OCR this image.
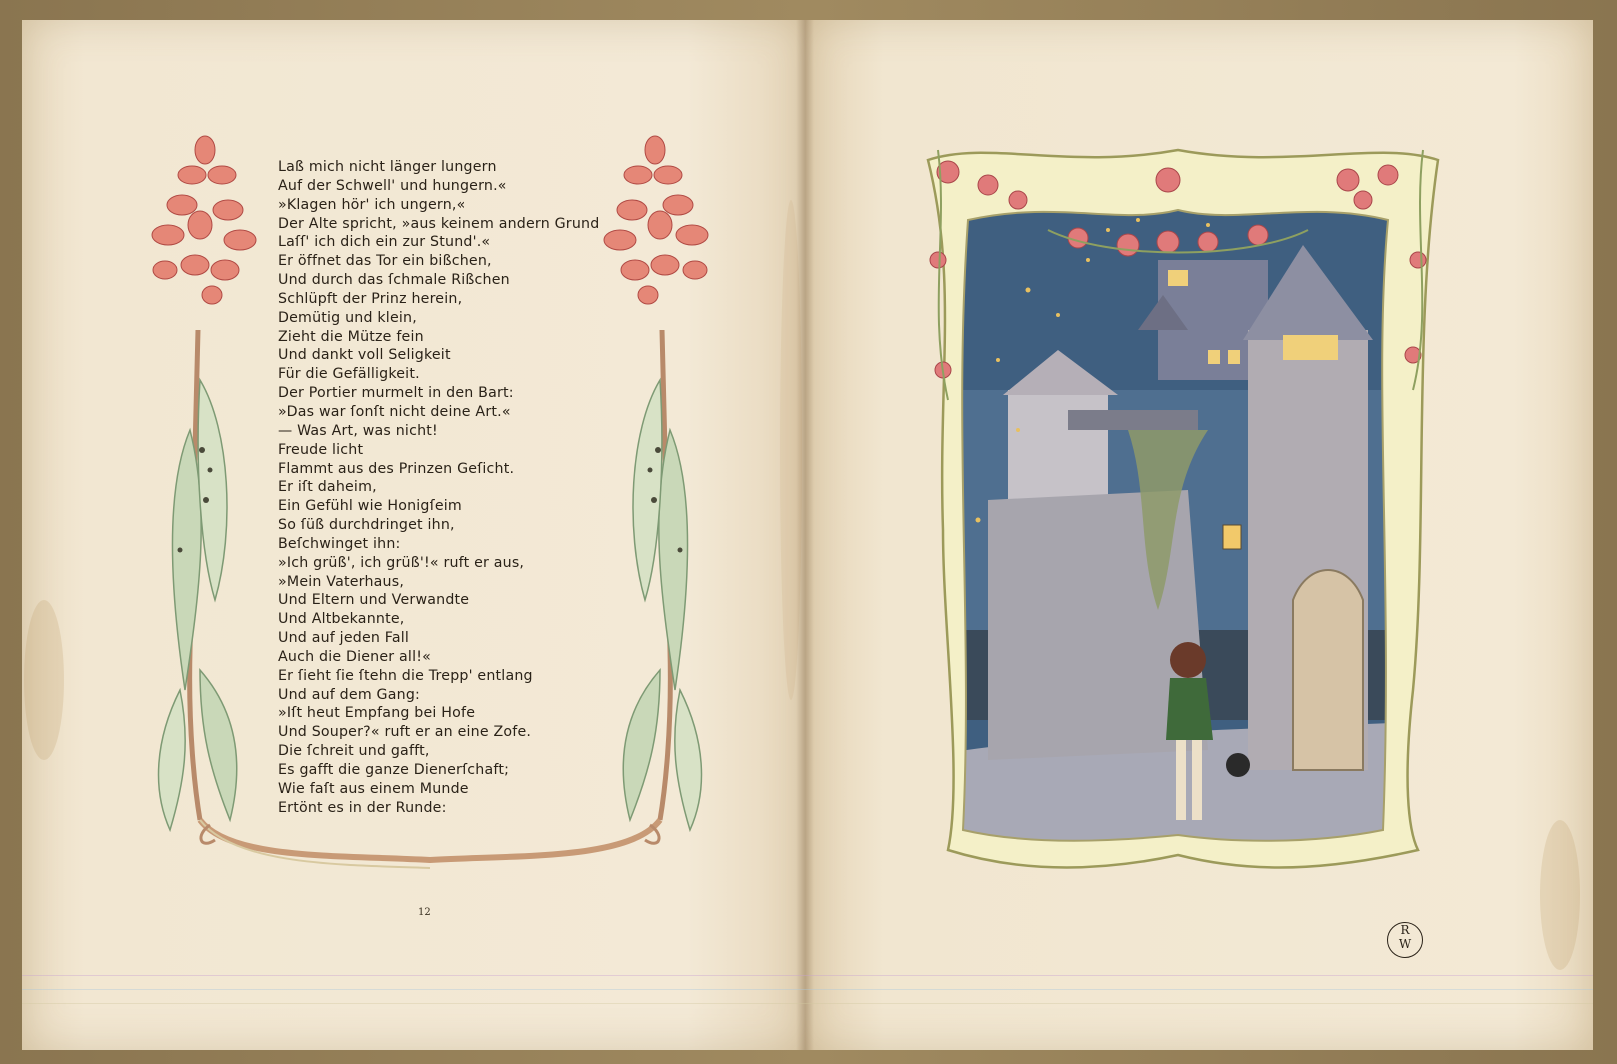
Laß mich nicht länger lungern
Auf der Schwell' und hungern.«
»Klagen hör' ich ungern,«
Der Alte spricht, »aus keinem andern Grund
Laſſ' ich dich ein zur Stund'.«
Er öffnet das Tor ein bißchen,
Und durch das ſchmale Rißchen
Schlüpft der Prinz herein,
Demütig und klein,
Zieht die Mütze fein
Und dankt voll Seligkeit
Für die Gefälligkeit.
Der Portier murmelt in den Bart:
»Das war ſonſt nicht deine Art.«
— Was Art, was nicht!
Freude licht
Flammt aus des Prinzen Geſicht.
Er iſt daheim,
Ein Gefühl wie Honigſeim
So ſüß durchdringet ihn,
Beſchwinget ihn:
»Ich grüß', ich grüß'!« ruft er aus,
»Mein Vaterhaus,
Und Eltern und Verwandte
Und Altbekannte,
Und auf jeden Fall
Auch die Diener all!«
Er ſieht ſie ſtehn die Trepp' entlang
Und auf dem Gang:
»Iſt heut Empfang bei Hofe
Und Souper?« ruft er an eine Zofe.
Die ſchreit und gafft,
Es gafft die ganze Dienerſchaft;
Wie faſt aus einem Munde
Ertönt es in der Runde:
12
R
W
